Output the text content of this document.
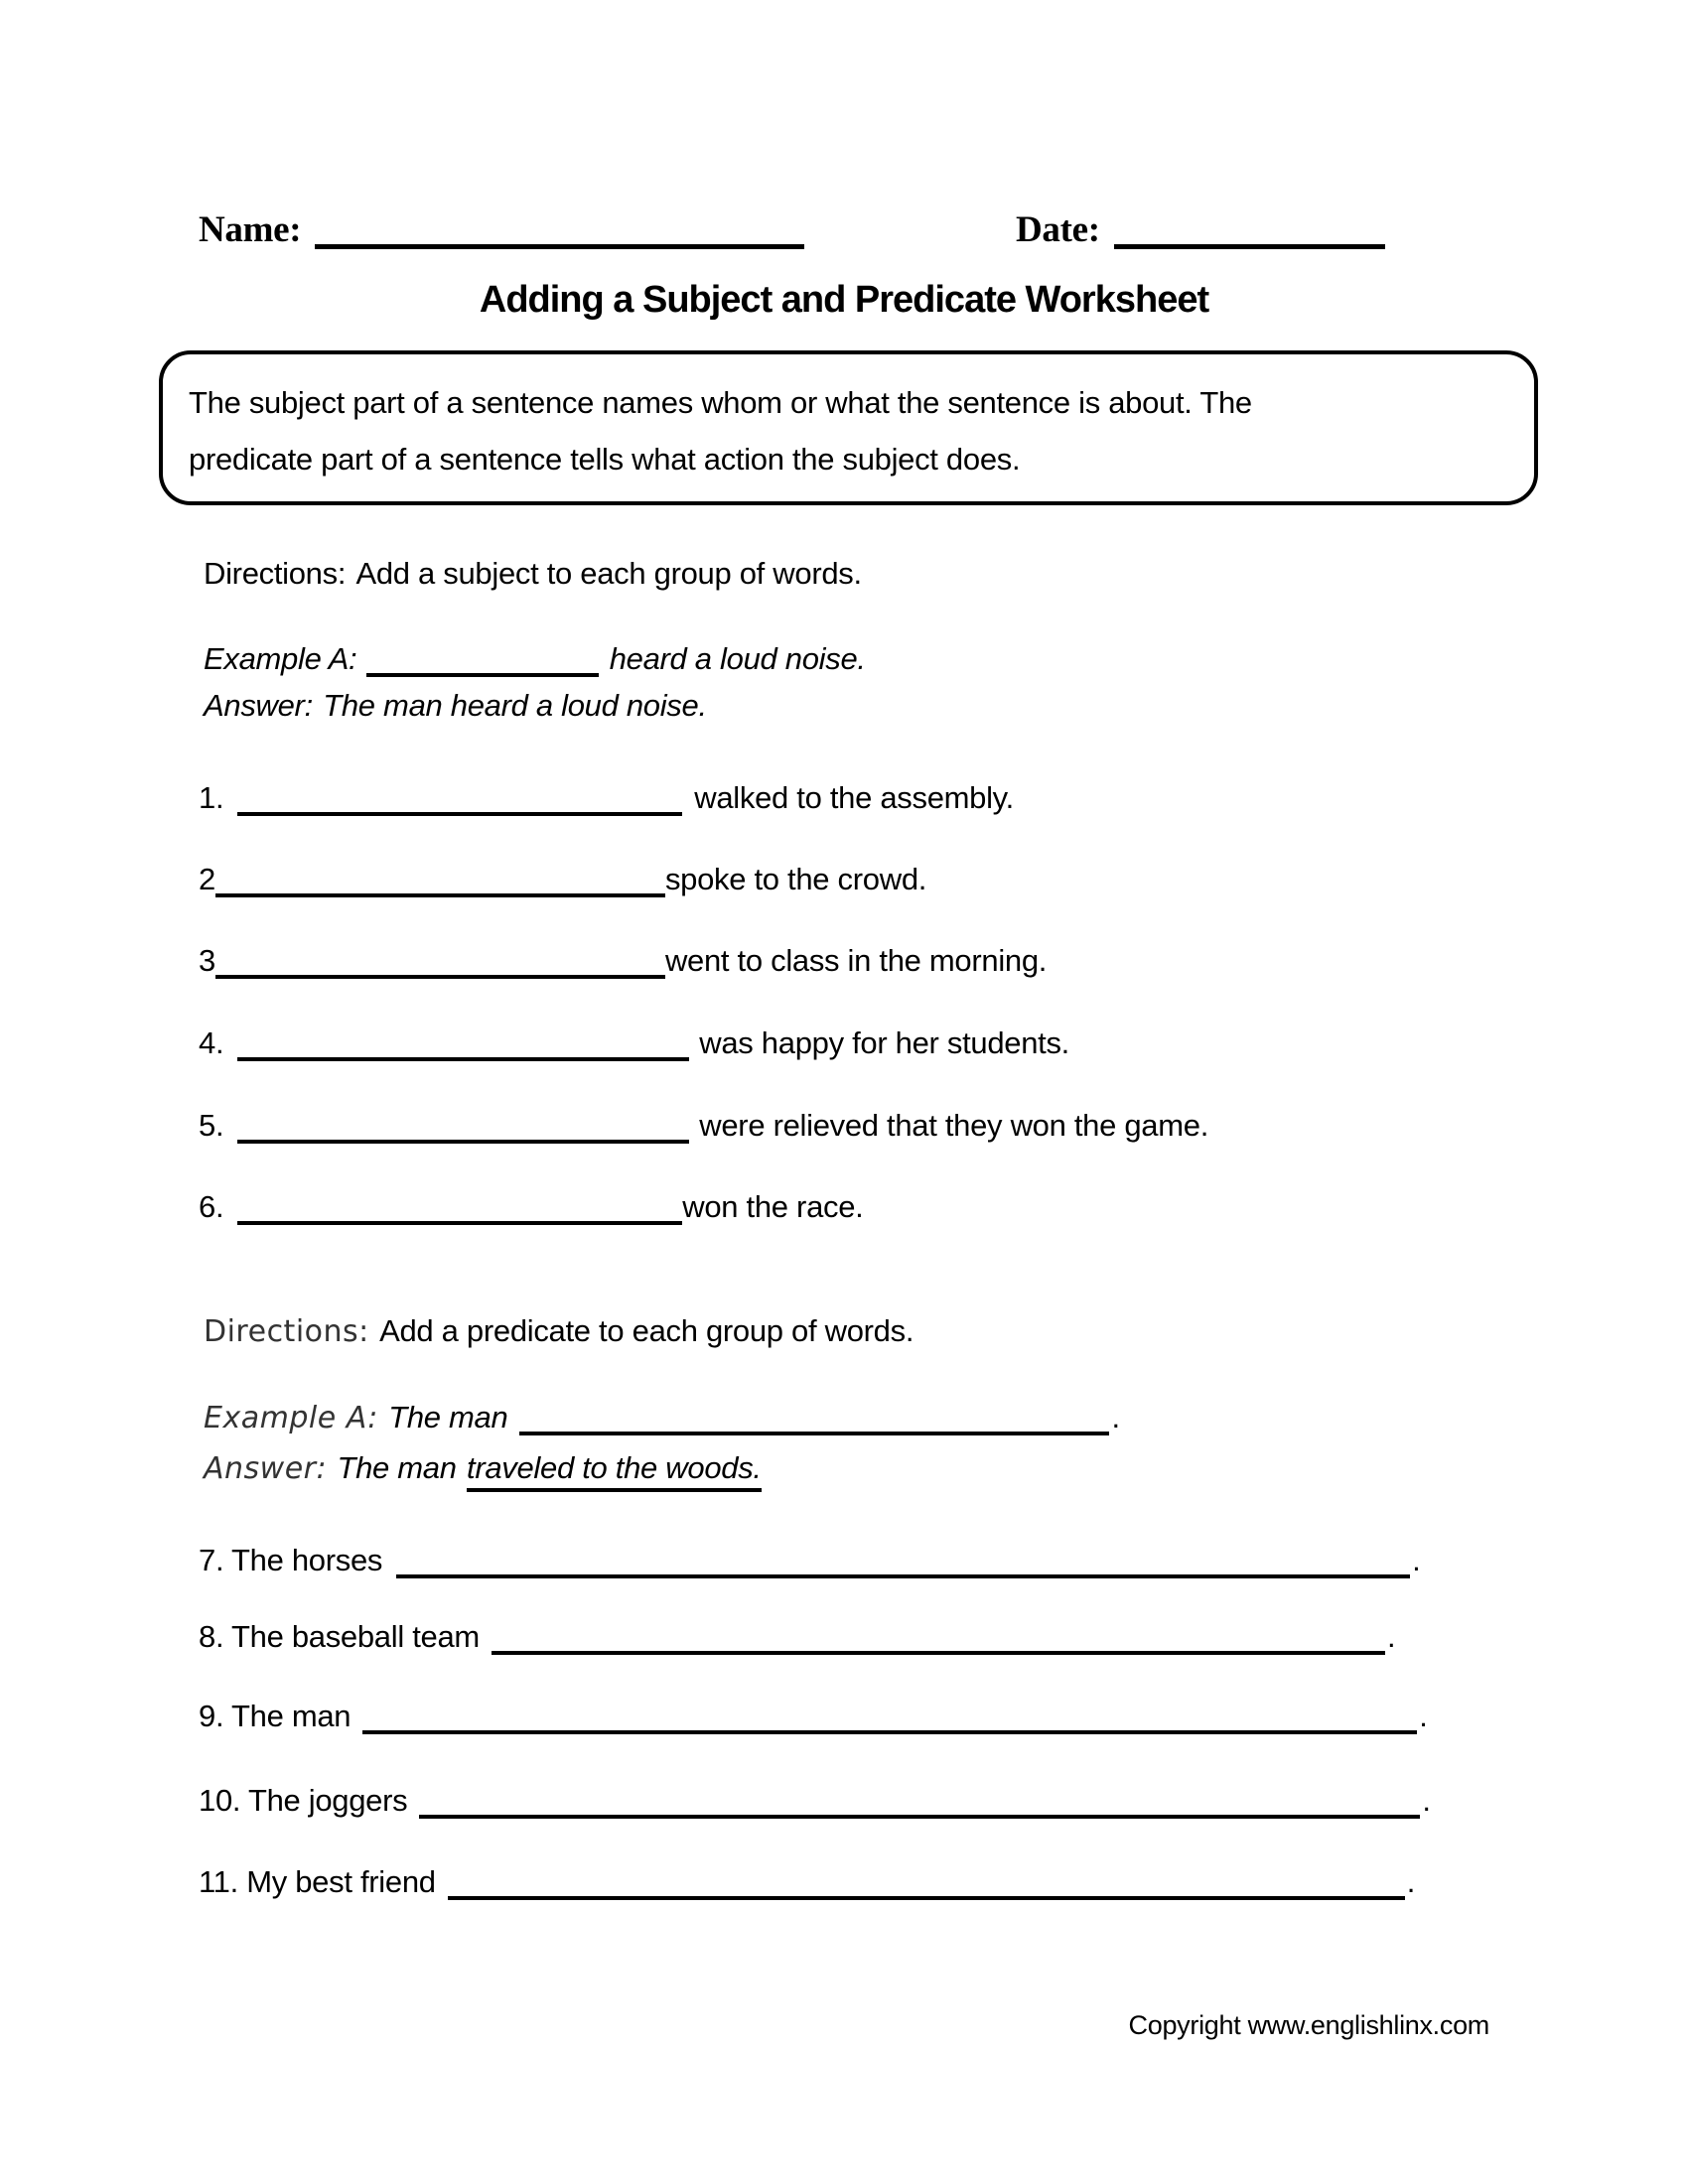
Name:	Date:
Adding a Subject and Predicate Worksheet
The subject part of a sentence names whom or what the sentence is about. The
predicate part of a sentence tells what action the subject does.
Directions: Add a subject to each group of words.
Example A:	heard a loud noise.
Answer: The man heard a loud noise.
1.	walked to the assembly.
2	spoke to the crowd.
3	went to class in the morning.
4.	was happy for her students.
5.	were relieved that they won the game.
6.	won the race.
Directions: Add a predicate to each group of words.
Example A: The man	.
Answer: The man traveled to the woods.
7. The horses	.
8. The baseball team	.
9. The man	.
10. The joggers	.
11. My best friend	.
Copyright www.englishlinx.com
